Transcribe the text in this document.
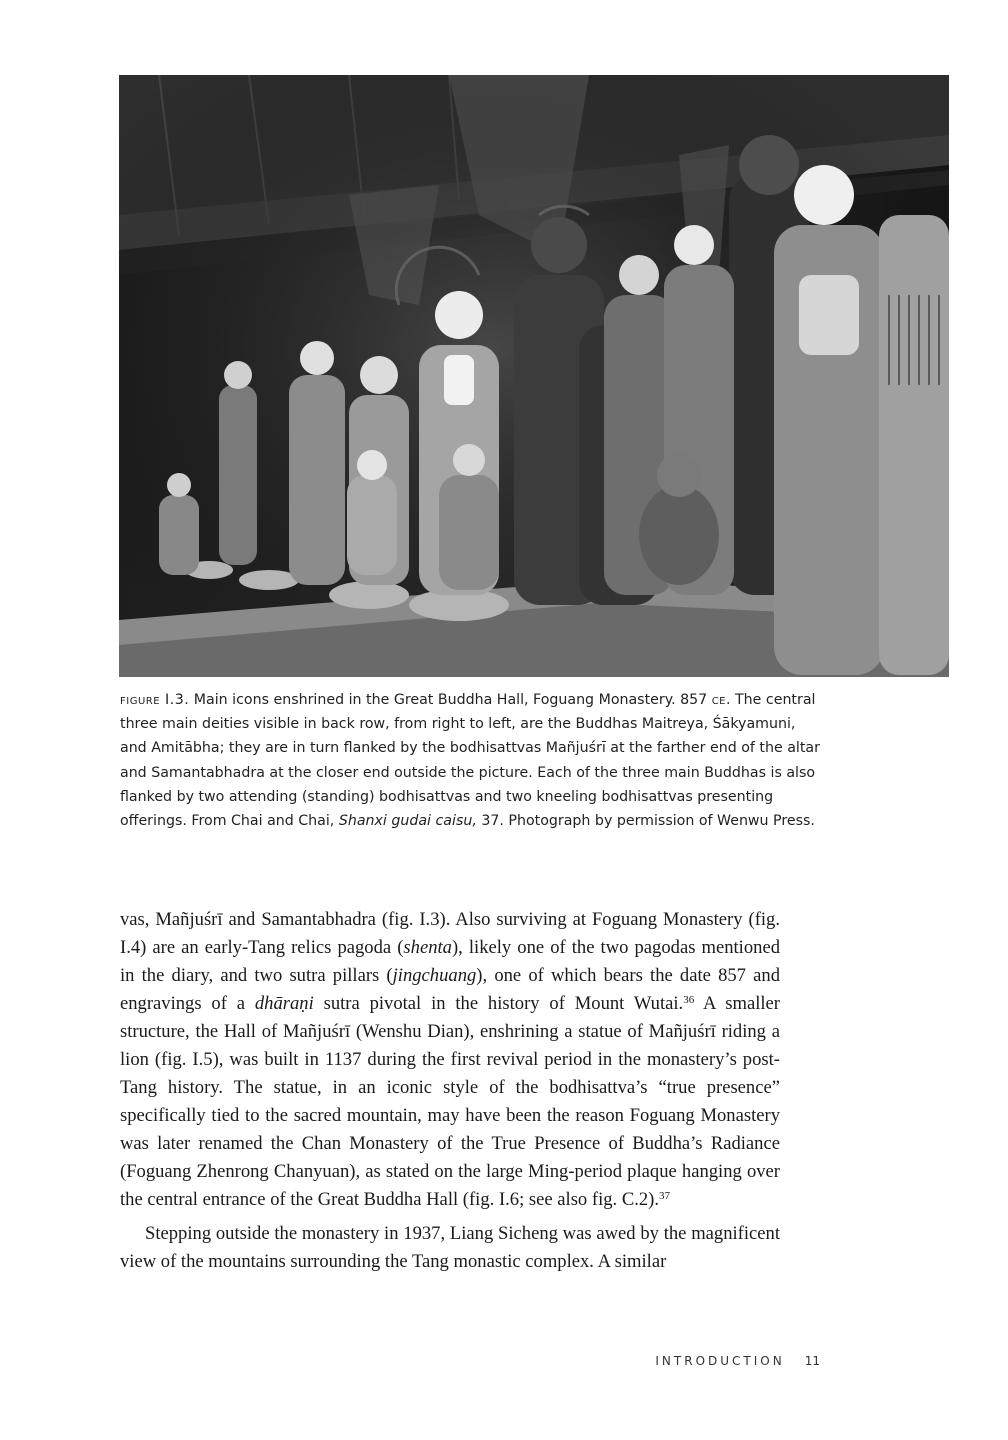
figure I.3. Main icons enshrined in the Great Buddha Hall, Foguang Monastery. 857 ce. The central three main deities visible in back row, from right to left, are the Buddhas Maitreya, Śākyamuni, and Amitābha; they are in turn flanked by the bodhisattvas Mañjuśrī at the farther end of the altar and Samantabhadra at the closer end outside the picture. Each of the three main Buddhas is also flanked by two attending (standing) bodhisattvas and two kneeling bodhisattvas presenting offerings. From Chai and Chai, Shanxi gudai caisu, 37. Photograph by permission of Wenwu Press.

vas, Mañjuśrī and Samantabhadra (fig. I.3). Also surviving at Foguang Monastery (fig. I.4) are an early-Tang relics pagoda (shenta), likely one of the two pagodas mentioned in the diary, and two sutra pillars (jingchuang), one of which bears the date 857 and engravings of a dhāraṇi sutra pivotal in the history of Mount Wutai.$^{36}$ A smaller structure, the Hall of Mañjuśrī (Wenshu Dian), enshrining a statue of Mañjuśrī riding a lion (fig. I.5), was built in 1137 during the first revival period in the monastery’s post-Tang history. The statue, in an iconic style of the bodhisattva’s “true presence” specifically tied to the sacred mountain, may have been the reason Foguang Monastery was later renamed the Chan Monastery of the True Presence of Buddha’s Radiance (Foguang Zhenrong Chanyuan), as stated on the large Ming-period plaque hanging over the central entrance of the Great Buddha Hall (fig. I.6; see also fig. C.2).$^{37}$

Stepping outside the monastery in 1937, Liang Sicheng was awed by the magnificent view of the mountains surrounding the Tang monastic complex. A similar

INTRODUCTION 11
